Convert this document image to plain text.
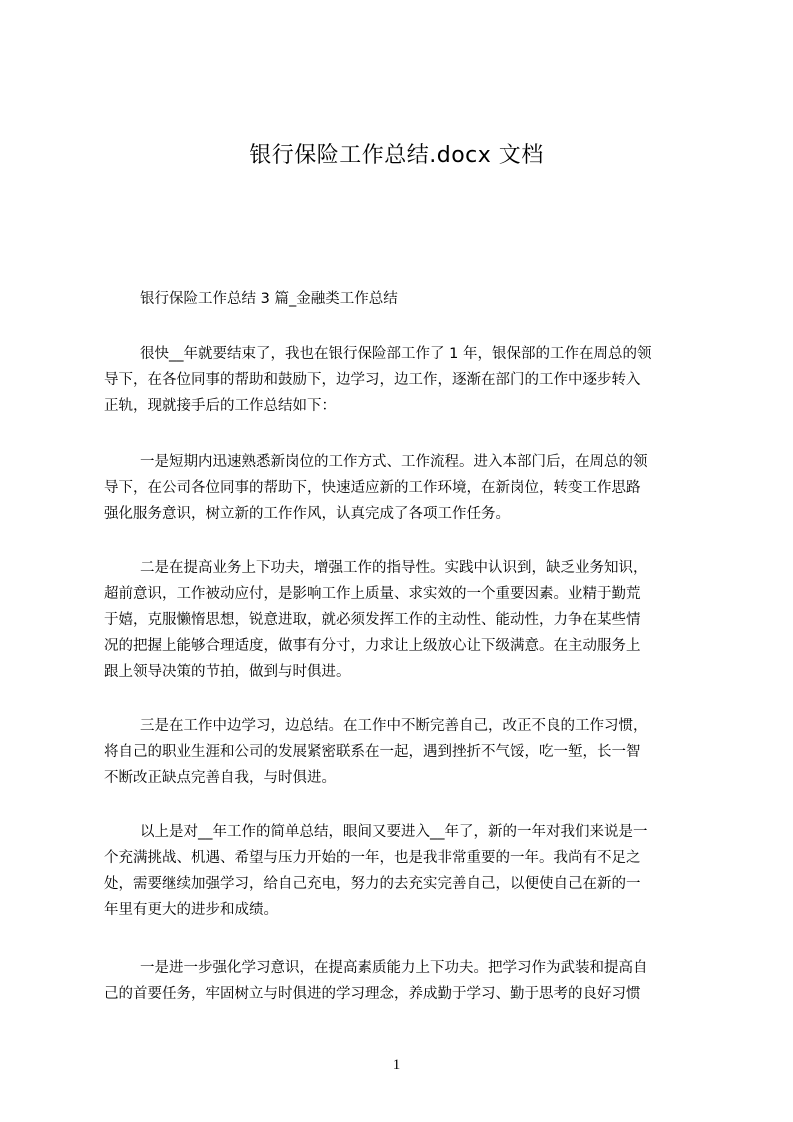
银行保险工作总结.docx 文档
银行保险工作总结 3 篇_金融类工作总结
很快__年就要结束了，我也在银行保险部工作了 1 年，银保部的工作在周总的领
导下，在各位同事的帮助和鼓励下，边学习，边工作，逐渐在部门的工作中逐步转入
正轨，现就接手后的工作总结如下：
一是短期内迅速熟悉新岗位的工作方式、工作流程。进入本部门后，在周总的领
导下，在公司各位同事的帮助下，快速适应新的工作环境，在新岗位，转变工作思路
强化服务意识，树立新的工作作风，认真完成了各项工作任务。
二是在提高业务上下功夫，增强工作的指导性。实践中认识到，缺乏业务知识，
超前意识，工作被动应付，是影响工作上质量、求实效的一个重要因素。业精于勤荒
于嬉，克服懒惰思想，锐意进取，就必须发挥工作的主动性、能动性，力争在某些情
况的把握上能够合理适度，做事有分寸，力求让上级放心让下级满意。在主动服务上
跟上领导决策的节拍，做到与时俱进。
三是在工作中边学习，边总结。在工作中不断完善自己，改正不良的工作习惯，
将自己的职业生涯和公司的发展紧密联系在一起，遇到挫折不气馁，吃一堑，长一智
不断改正缺点完善自我，与时俱进。
以上是对__年工作的简单总结，眼间又要进入__年了，新的一年对我们来说是一
个充满挑战、机遇、希望与压力开始的一年，也是我非常重要的一年。我尚有不足之
处，需要继续加强学习，给自己充电，努力的去充实完善自己，以便使自己在新的一
年里有更大的进步和成绩。
一是进一步强化学习意识，在提高素质能力上下功夫。把学习作为武装和提高自
己的首要任务，牢固树立与时俱进的学习理念，养成勤于学习、勤于思考的良好习惯
1
